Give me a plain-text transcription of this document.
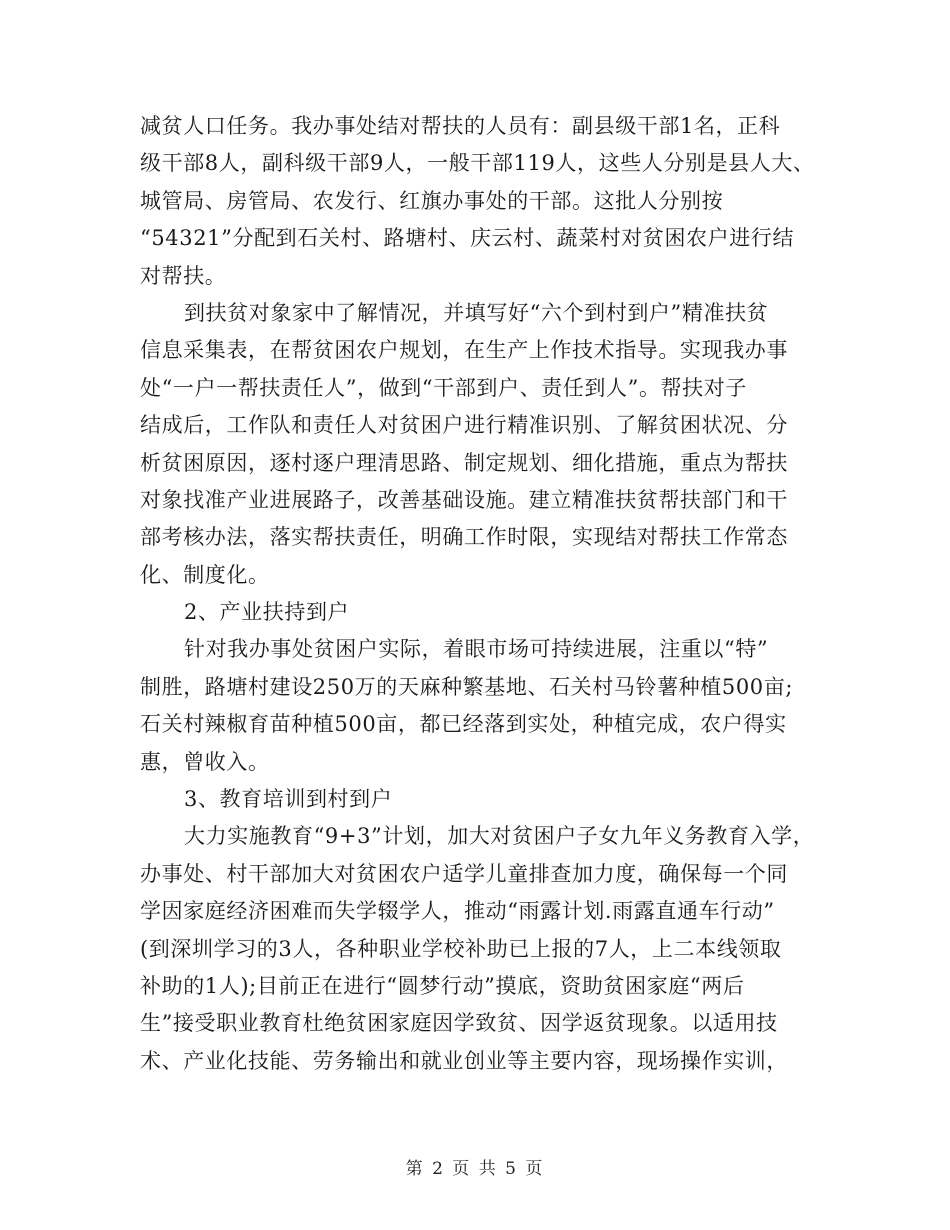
减贫人口任务。我办事处结对帮扶的人员有：副县级干部1名，正科
级干部8人，副科级干部9人，一般干部119人，这些人分别是县人大、
城管局、房管局、农发行、红旗办事处的干部。这批人分别按
“54321”分配到石关村、路塘村、庆云村、蔬菜村对贫困农户进行结
对帮扶。
到扶贫对象家中了解情况，并填写好“六个到村到户”精准扶贫
信息采集表，在帮贫困农户规划，在生产上作技术指导。实现我办事
处“一户一帮扶责任人”，做到“干部到户、责任到人”。帮扶对子
结成后，工作队和责任人对贫困户进行精准识别、了解贫困状况、分
析贫困原因，逐村逐户理清思路、制定规划、细化措施，重点为帮扶
对象找准产业进展路子，改善基础设施。建立精准扶贫帮扶部门和干
部考核办法，落实帮扶责任，明确工作时限，实现结对帮扶工作常态
化、制度化。
2、产业扶持到户
针对我办事处贫困户实际，着眼市场可持续进展，注重以“特”
制胜，路塘村建设250万的天麻种繁基地、石关村马铃薯种植500亩;
石关村辣椒育苗种植500亩，都已经落到实处，种植完成，农户得实
惠，曾收入。
3、教育培训到村到户
大力实施教育“9+3”计划，加大对贫困户子女九年义务教育入学，
办事处、村干部加大对贫困农户适学儿童排查加力度，确保每一个同
学因家庭经济困难而失学辍学人，推动“雨露计划.雨露直通车行动”
(到深圳学习的3人，各种职业学校补助已上报的7人，上二本线领取
补助的1人);目前正在进行“圆梦行动”摸底，资助贫困家庭“两后
生”接受职业教育杜绝贫困家庭因学致贫、因学返贫现象。以适用技
术、产业化技能、劳务输出和就业创业等主要内容，现场操作实训，
第 2 页 共 5 页
